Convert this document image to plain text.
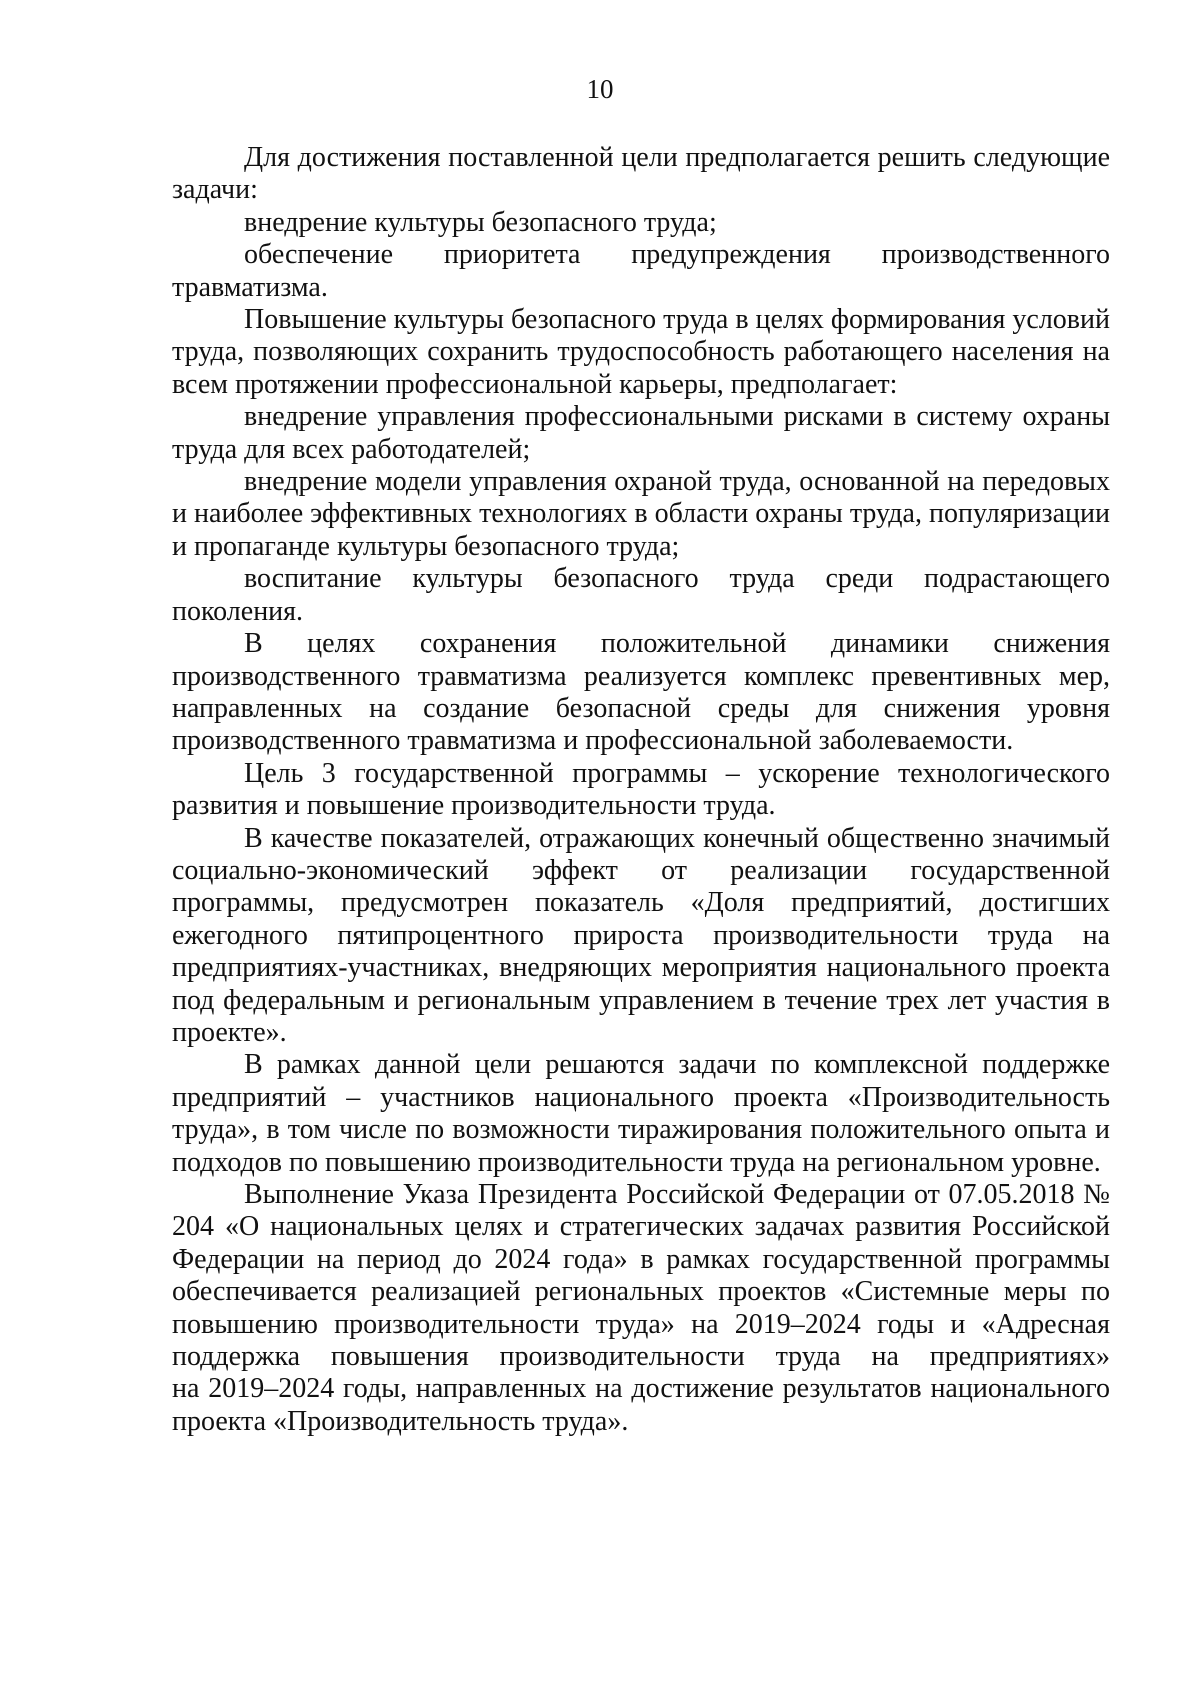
10

Для достижения поставленной цели предполагается решить следующие задачи:

внедрение культуры безопасного труда;

обеспечение приоритета предупреждения производственного травматизма.

Повышение культуры безопасного труда в целях формирования условий труда, позволяющих сохранить трудоспособность работающего населения на всем протяжении профессиональной карьеры, предполагает:

внедрение управления профессиональными рисками в систему охраны труда для всех работодателей;

внедрение модели управления охраной труда, основанной на передовых и наиболее эффективных технологиях в области охраны труда, популяризации и пропаганде культуры безопасного труда;

воспитание культуры безопасного труда среди подрастающего поколения.

В целях сохранения положительной динамики снижения производственного травматизма реализуется комплекс превентивных мер, направленных на создание безопасной среды для снижения уровня производственного травматизма и профессиональной заболеваемости.

Цель 3 государственной программы – ускорение технологического развития и повышение производительности труда.

В качестве показателей, отражающих конечный общественно значимый социально-экономический эффект от реализации государственной программы, предусмотрен показатель «Доля предприятий, достигших ежегодного пятипроцентного прироста производительности труда на предприятиях-участниках, внедряющих мероприятия национального проекта под федеральным и региональным управлением в течение трех лет участия в проекте».

В рамках данной цели решаются задачи по комплексной поддержке предприятий – участников национального проекта «Производительность труда», в том числе по возможности тиражирования положительного опыта и подходов по повышению производительности труда на региональном уровне.

Выполнение Указа Президента Российской Федерации от 07.05.2018 № 204 «О национальных целях и стратегических задачах развития Российской Федерации на период до 2024 года» в рамках государственной программы обеспечивается реализацией региональных проектов «Системные меры по повышению производительности труда» на 2019–2024 годы и «Адресная поддержка повышения производительности труда на предприятиях»

на 2019–2024 годы, направленных на достижение результатов национального проекта «Производительность труда».
